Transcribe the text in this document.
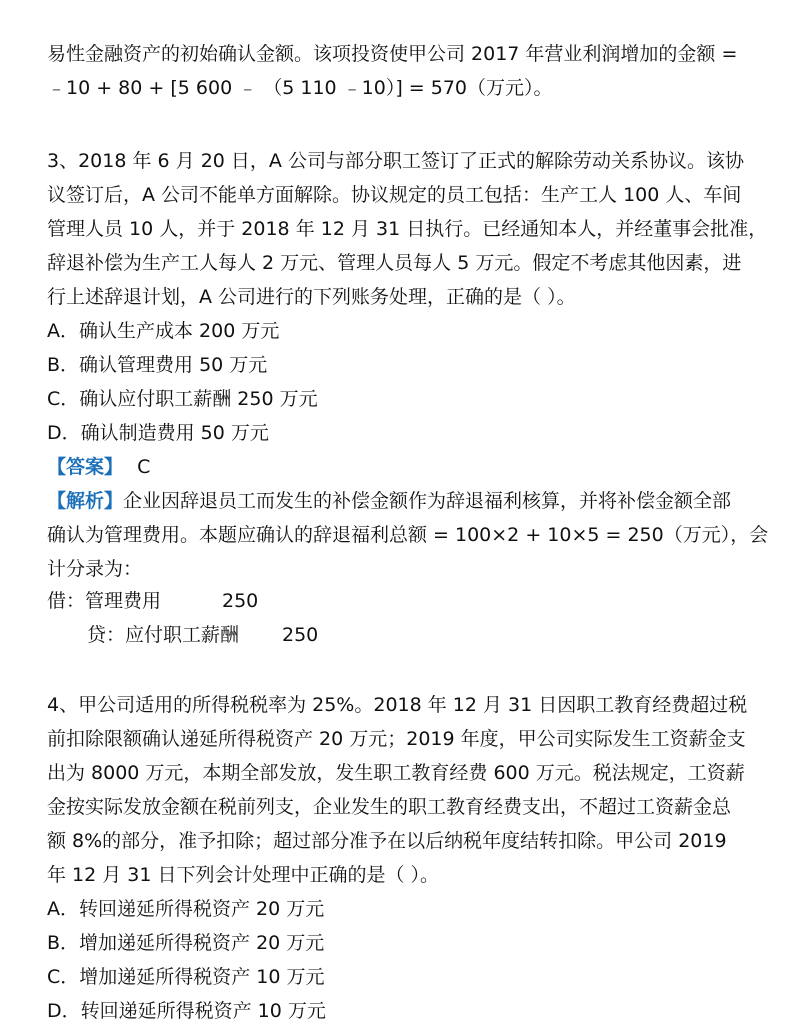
易性金融资产的初始确认金额。该项投资使甲公司 2017 年营业利润增加的金额 =
﹣10 + 80 + [5 600 ﹣ （5 110 ﹣10）] = 570（万元）。
3、2018 年 6 月 20 日，A 公司与部分职工签订了正式的解除劳动关系协议。该协
议签订后，A 公司不能单方面解除。协议规定的员工包括：生产工人 100 人、车间
管理人员 10 人，并于 2018 年 12 月 31 日执行。已经通知本人，并经董事会批准，
辞退补偿为生产工人每人 2 万元、管理人员每人 5 万元。假定不考虑其他因素，进
行上述辞退计划，A 公司进行的下列账务处理，正确的是（ ）。
A．确认生产成本 200 万元
B．确认管理费用 50 万元
C．确认应付职工薪酬 250 万元
D．确认制造费用 50 万元
【答案】 C
【解析】企业因辞退员工而发生的补偿金额作为辞退福利核算，并将补偿金额全部
确认为管理费用。本题应确认的辞退福利总额 = 100×2 + 10×5 = 250（万元），会
计分录为：
借：管理费用	250
贷：应付职工薪酬 250
4、甲公司适用的所得税税率为 25%。2018 年 12 月 31 日因职工教育经费超过税
前扣除限额确认递延所得税资产 20 万元；2019 年度，甲公司实际发生工资薪金支
出为 8000 万元，本期全部发放，发生职工教育经费 600 万元。税法规定，工资薪
金按实际发放金额在税前列支，企业发生的职工教育经费支出，不超过工资薪金总
额 8%的部分，准予扣除；超过部分准予在以后纳税年度结转扣除。甲公司 2019
年 12 月 31 日下列会计处理中正确的是（ ）。
A．转回递延所得税资产 20 万元
B．增加递延所得税资产 20 万元
C．增加递延所得税资产 10 万元
D．转回递延所得税资产 10 万元
